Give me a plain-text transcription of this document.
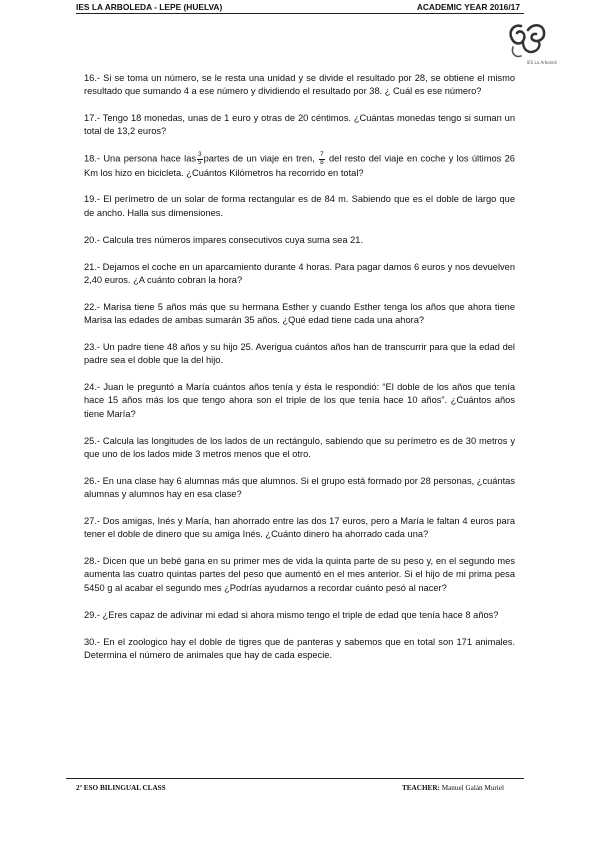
IES LA ARBOLEDA - LEPE (HUELVA)	ACADEMIC YEAR 2016/17
IES La Arboleda

16.- Si se toma un número, se le resta una unidad y se divide el resultado por 28, se obtiene el mismo resultado que sumando 4 a ese número y dividiendo el resultado por 38. ¿ Cuál es ese número?

17.- Tengo 18 monedas, unas de 1 euro y otras de 20 céntimos. ¿Cuántas monedas tengo si suman un total de 13,2 euros?

18.- Una persona hace las $\frac{3}{5}$ partes de un viaje en tren, $\frac{7}{8}$ del resto del viaje en coche y los últimos 26 Km los hizo en bicicleta. ¿Cuántos Kilómetros ha recorrido en total?

19.- El perímetro de un solar de forma rectangular es de 84 m. Sabiendo que es el doble de largo que de ancho. Halla sus dimensiones.

20.- Calcula tres números impares consecutivos cuya suma sea 21.

21.- Dejamos el coche en un aparcamiento durante 4 horas. Para pagar damos 6 euros y nos devuelven 2,40 euros. ¿A cuánto cobran la hora?

22.- Marisa tiene 5 años más que su hermana Esther y cuando Esther tenga los años que ahora tiene Marisa las edades de ambas sumarán 35 años. ¿Qué edad tiene cada una ahora?

23.- Un padre tiene 48 años y su hijo 25. Averigua cuántos años han de transcurrir para que la edad del padre sea el doble que la del hijo.

24.- Juan le preguntó a María cuántos años tenía y ésta le respondió: “El doble de los años que tenía hace 15 años más los que tengo ahora son el triple de los que tenía hace 10 años”. ¿Cuántos años tiene María?

25.- Calcula las longitudes de los lados de un rectángulo, sabiendo que su perímetro es de 30 metros y que uno de los lados mide 3 metros menos que el otro.

26.- En una clase hay 6 alumnas más que alumnos. Si el grupo está formado por 28 personas, ¿cuántas alumnas y alumnos hay en esa clase?

27.- Dos amigas, Inés y María, han ahorrado entre las dos 17 euros, pero a María le faltan 4 euros para tener el doble de dinero que su amiga Inés. ¿Cuánto dinero ha ahorrado cada una?

28.- Dicen que un bebé gana en su primer mes de vida la quinta parte de su peso y, en el segundo mes aumenta las cuatro quintas partes del peso que aumentó en el mes anterior. Si el hijo de mi prima pesa 5450 g al acabar el segundo mes ¿Podrías ayudarnos a recordar cuánto pesó al nacer?

29.- ¿Eres capaz de adivinar mi edad si ahora mismo tengo el triple de edad que tenía hace 8 años?

30.- En el zoologico hay el doble de tigres que de panteras y sabemos que en total son 171 animales. Determina el número de animales que hay de cada especie.

2º ESO BILINGUAL CLASS	TEACHER: Manuel Galán Muriel
